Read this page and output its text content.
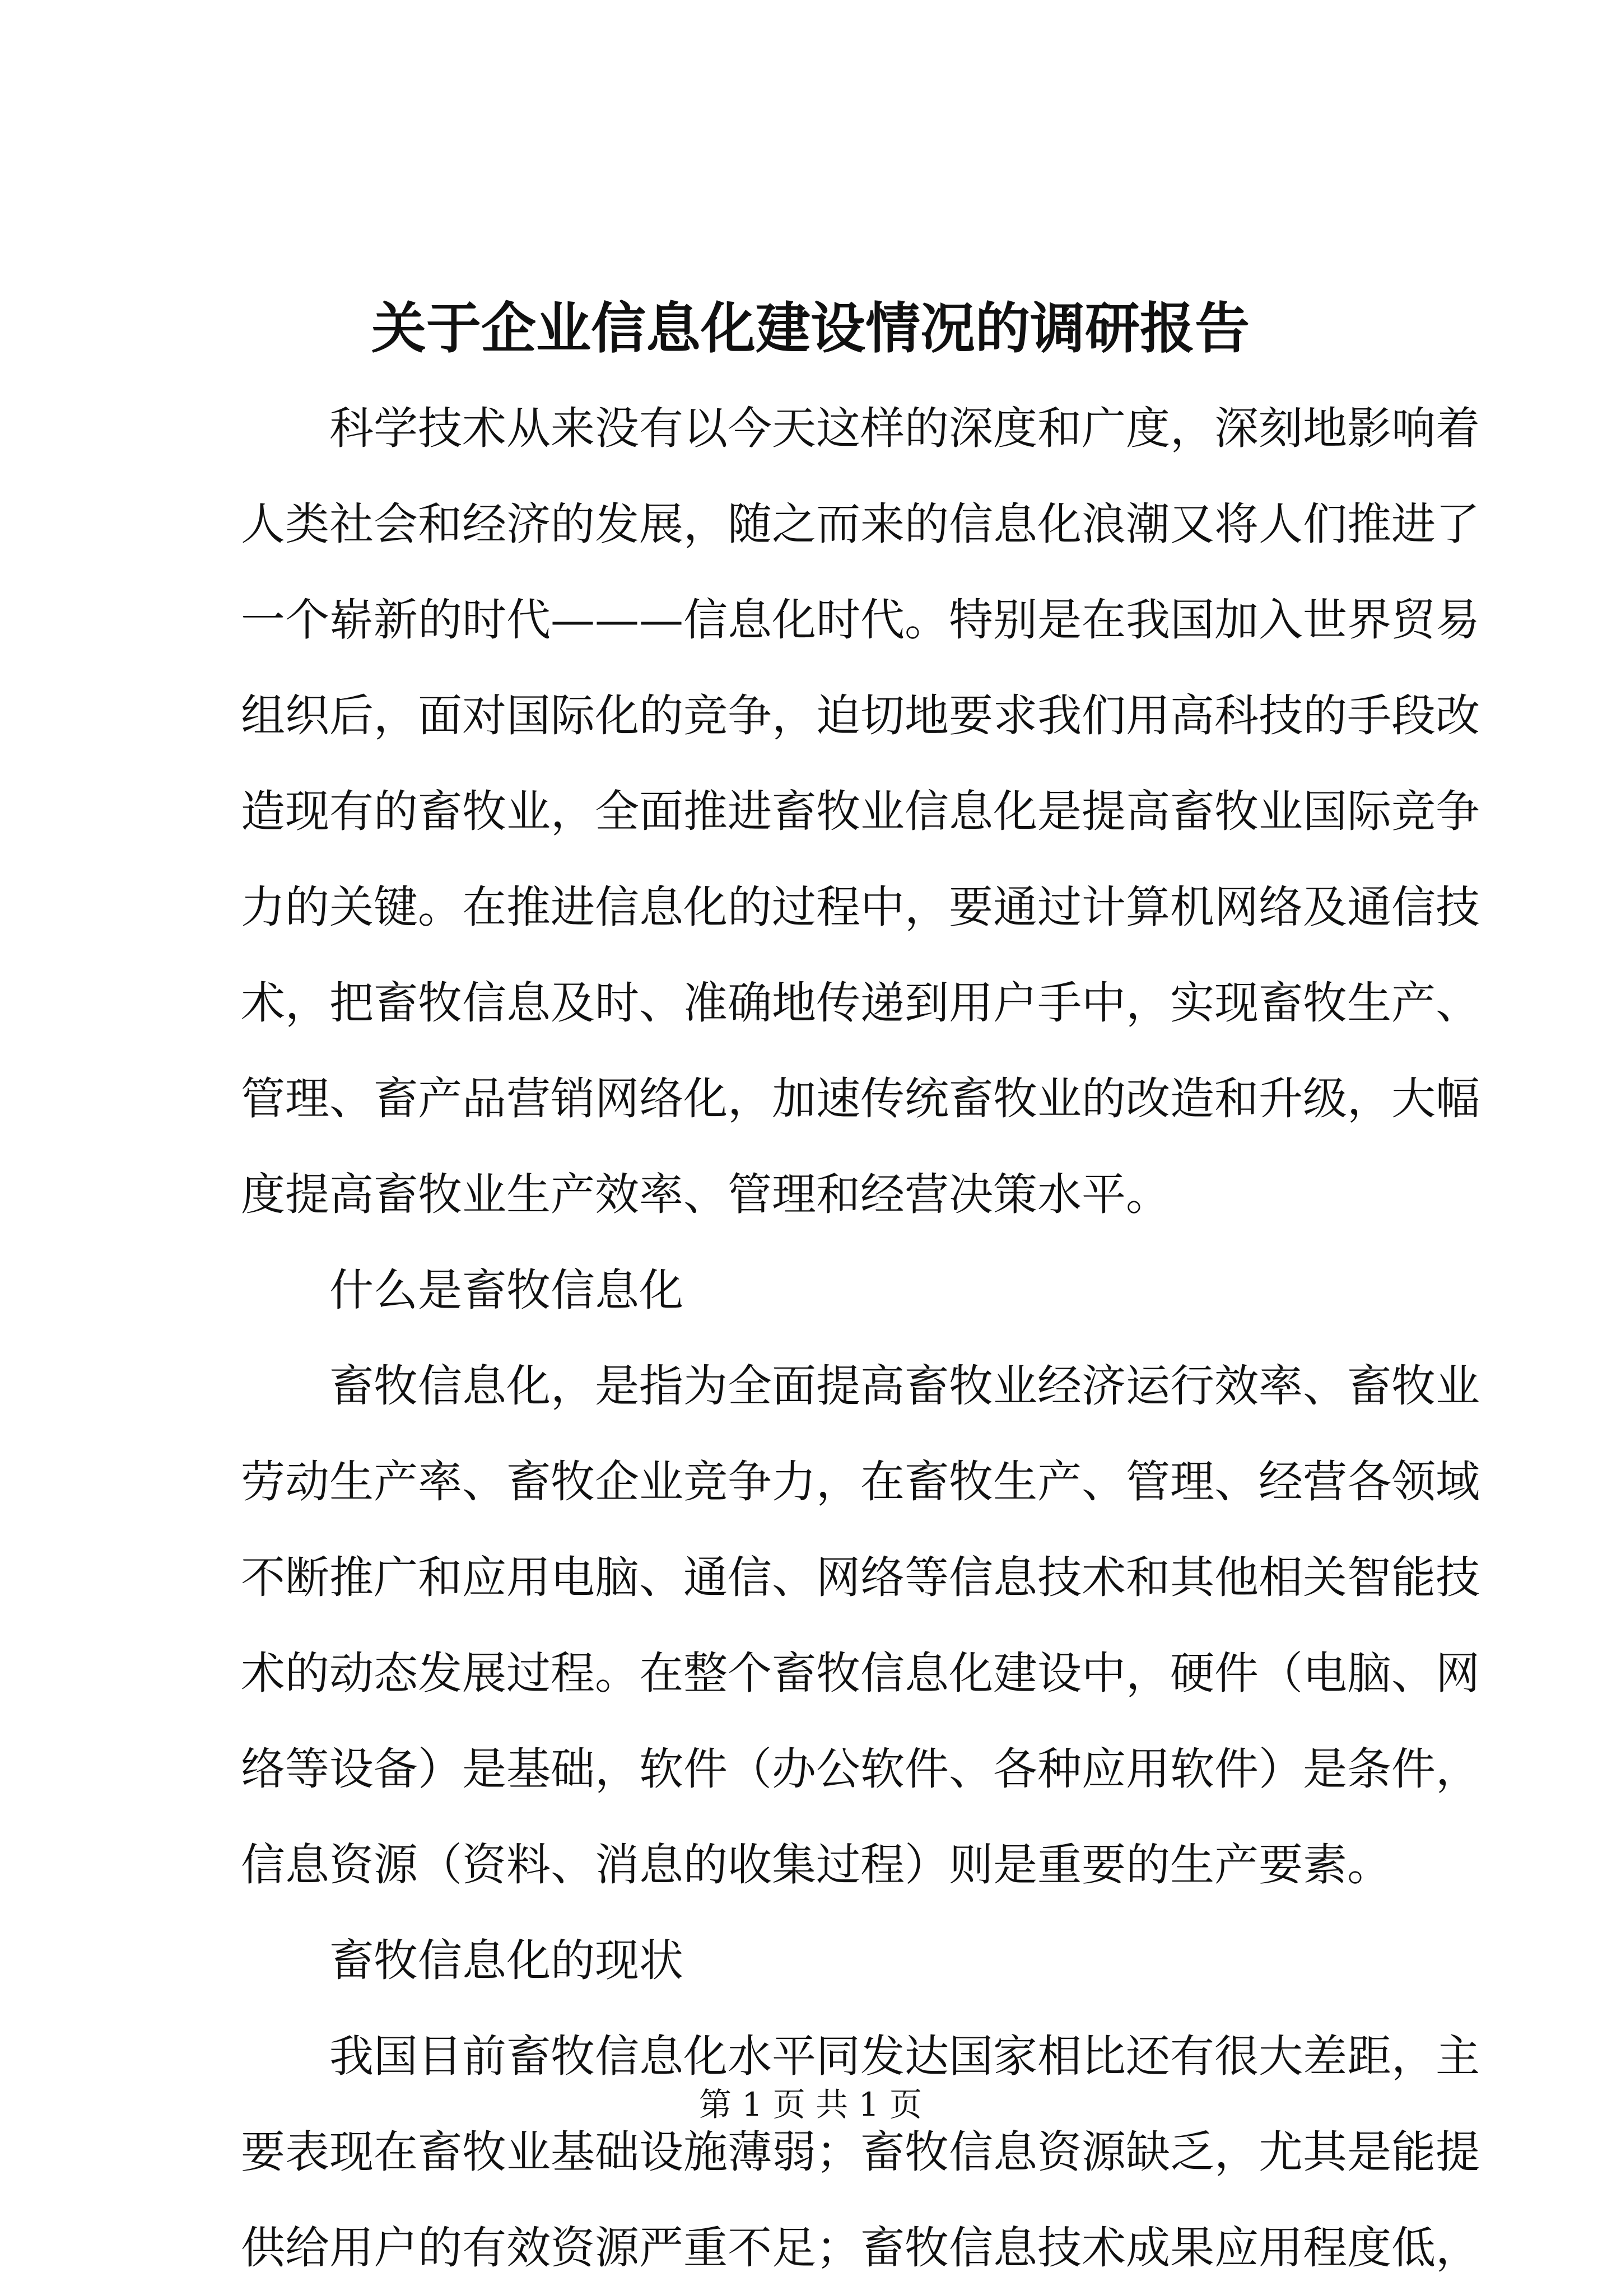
关于企业信息化建设情况的调研报告
科学技术从来没有以今天这样的深度和广度，深刻地影响着
人类社会和经济的发展，随之而来的信息化浪潮又将人们推进了
一个崭新的时代———信息化时代。特别是在我国加入世界贸易
组织后，面对国际化的竞争，迫切地要求我们用高科技的手段改
造现有的畜牧业，全面推进畜牧业信息化是提高畜牧业国际竞争
力的关键。在推进信息化的过程中，要通过计算机网络及通信技
术，把畜牧信息及时、准确地传递到用户手中，实现畜牧生产、
管理、畜产品营销网络化，加速传统畜牧业的改造和升级，大幅
度提高畜牧业生产效率、管理和经营决策水平。
什么是畜牧信息化
畜牧信息化，是指为全面提高畜牧业经济运行效率、畜牧业
劳动生产率、畜牧企业竞争力，在畜牧生产、管理、经营各领域
不断推广和应用电脑、通信、网络等信息技术和其他相关智能技
术的动态发展过程。在整个畜牧信息化建设中，硬件（电脑、网
络等设备）是基础，软件（办公软件、各种应用软件）是条件，
信息资源（资料、消息的收集过程）则是重要的生产要素。
畜牧信息化的现状
我国目前畜牧信息化水平同发达国家相比还有很大差距，主
要表现在畜牧业基础设施薄弱；畜牧信息资源缺乏，尤其是能提
供给用户的有效资源严重不足；畜牧信息技术成果应用程度低，
第 1 页 共 1 页
